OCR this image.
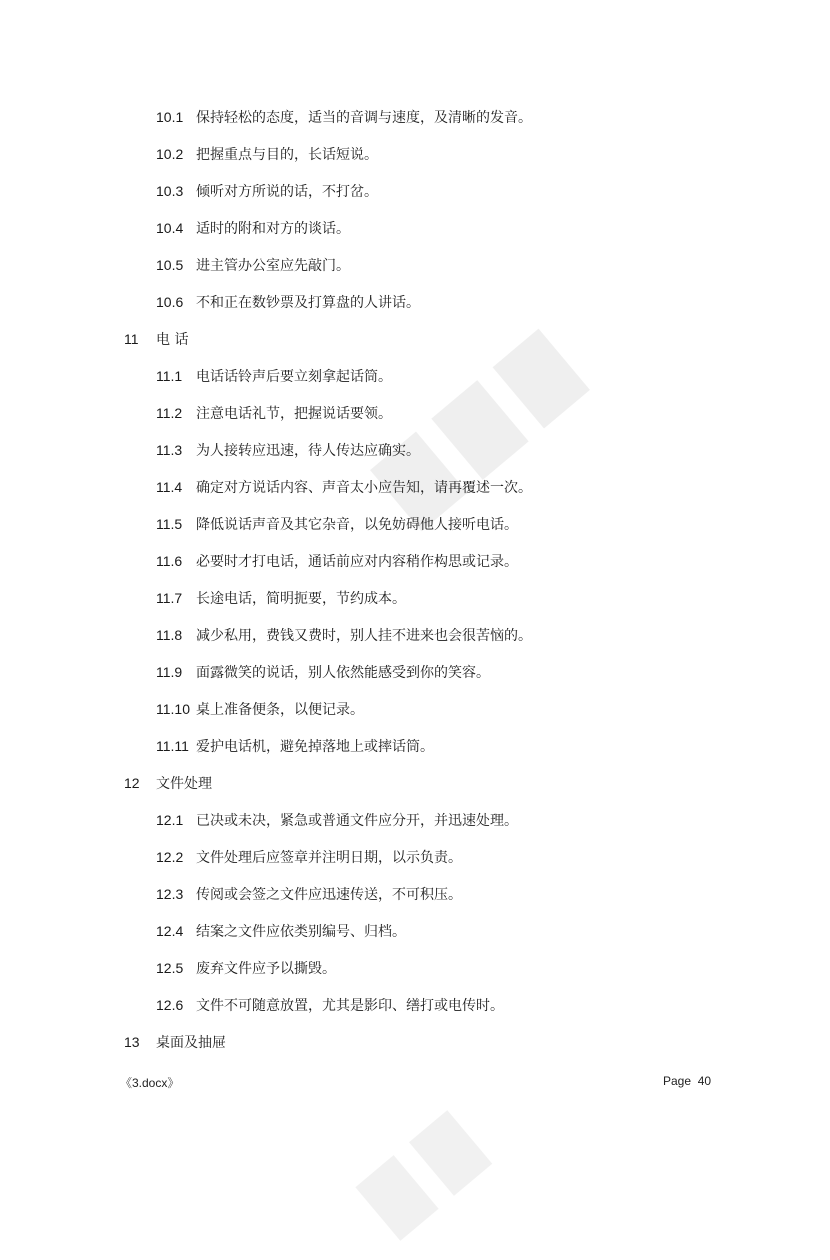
10.1 保持轻松的态度，适当的音调与速度，及清晰的发音。
10.2 把握重点与目的，长话短说。
10.3 倾听对方所说的话，不打岔。
10.4 适时的附和对方的谈话。
10.5 进主管办公室应先敲门。
10.6 不和正在数钞票及打算盘的人讲话。
11 电 话
11.1 电话话铃声后要立刻拿起话筒。
11.2 注意电话礼节，把握说话要领。
11.3 为人接转应迅速，待人传达应确实。
11.4 确定对方说话内容、声音太小应告知，请再覆述一次。
11.5 降低说话声音及其它杂音，以免妨碍他人接听电话。
11.6 必要时才打电话，通话前应对内容稍作构思或记录。
11.7 长途电话，简明扼要，节约成本。
11.8 减少私用，费钱又费时，别人挂不进来也会很苦恼的。
11.9 面露微笑的说话，别人依然能感受到你的笑容。
11.10 桌上准备便条，以便记录。
11.11 爱护电话机，避免掉落地上或摔话筒。
12 文件处理
12.1 已决或未决，紧急或普通文件应分开，并迅速处理。
12.2 文件处理后应签章并注明日期，以示负责。
12.3 传阅或会签之文件应迅速传送，不可积压。
12.4 结案之文件应依类别编号、归档。
12.5 废弃文件应予以撕毁。
12.6 文件不可随意放置，尤其是影印、缮打或电传时。
13 桌面及抽屉
《3.docx》	Page  40
